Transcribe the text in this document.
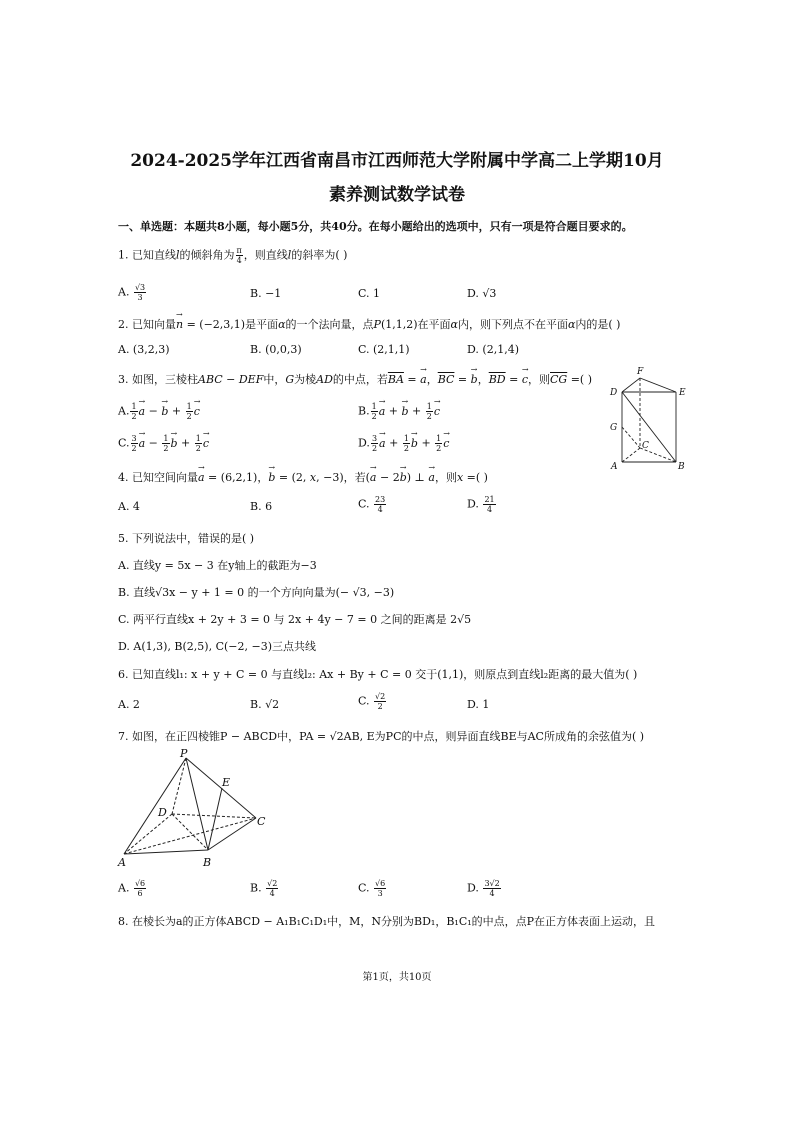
2024-2025学年江西省南昌市江西师范大学附属中学高二上学期10月
素养测试数学试卷
一、单选题：本题共8小题，每小题5分，共40分。在每小题给出的选项中，只有一项是符合题目要求的。
1. 已知直线l的倾斜角为 $\frac{\pi}{4}$ ，则直线l的斜率为( )
A. $\frac{√3}{3}$	B. −1	C. 1	D. √3
2. 已知向量→ n = (−2,3,1)是平面α的一个法向量，点P(1,1,2)在平面α内，则下列点不在平面α内的是( )
A. (3,2,3)	B. (0,0,3)	C. (2,1,1)	D. (2,1,4)
3. 如图，三棱柱ABC − DEF中，G为棱AD的中点，若$\overline{BA}$ = → a，$\overline{BC}$ = → b，$\overline{BD}$ = → c，则$\overline{CG}$ =( )
A. $\frac{1}{2} \to a$ − → $b + \frac{1}{2} \to c$	B. $\frac{1}{2} \to a$ + → $b + \frac{1}{2} \to c$
C. $\frac{3}{2} \to a - \frac{1}{2} \to b + \frac{1}{2} \to c$	D. $\frac{3}{2} \to a + \frac{1}{2} \to b + \frac{1}{2} \to c$
F
D	E
G
C
A	B
4. 已知空间向量→ a = (6,2,1)，→ b = (2, x, −3)，若(→ a − 2→ b) ⊥ → a，则x =( )
A. 4	B. 6	C. $\frac{23}{4}$	D. $\frac{21}{4}$
5. 下列说法中，错误的是( )
A. 直线y = 5x − 3 在y轴上的截距为−3
B. 直线√3x − y + 1 = 0 的一个方向向量为(− √3, −3)
C. 两平行直线x + 2y + 3 = 0 与 2x + 4y − 7 = 0 之间的距离是 2√5
D. A(1,3), B(2,5), C(−2, −3)三点共线
6. 已知直线l₁: x + y + C = 0 与直线l₂: Ax + By + C = 0 交于(1,1)，则原点到直线l₂距离的最大值为( )
A. 2	B. √2	C. $\frac{√2}{2}$	D. 1
7. 如图，在正四棱锥P − ABCD中，PA = √2AB, E为PC的中点，则异面直线BE与AC所成角的余弦值为( )
P
E
D
C
A	B
A. $\frac{√6}{6}$	B. $\frac{√2}{4}$	C. $\frac{√6}{3}$	D. $\frac{3√2}{4}$
8. 在棱长为a的正方体ABCD − A₁B₁C₁D₁中，M，N分别为BD₁，B₁C₁的中点，点P在正方体表面上运动，且
第1页，共10页
